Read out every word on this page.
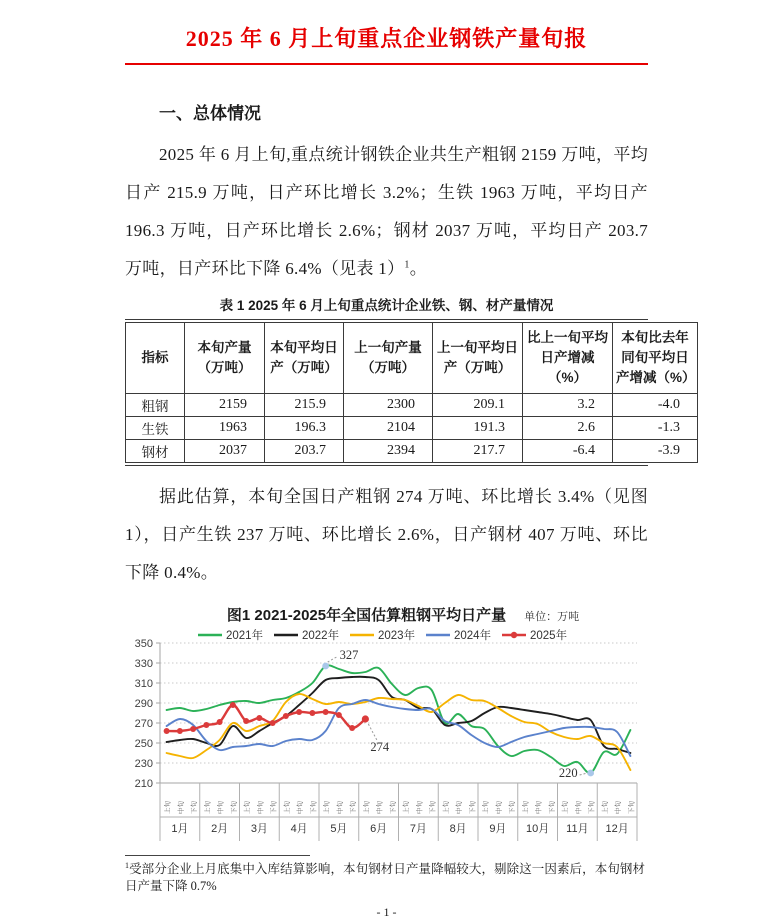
2025 年 6 月上旬重点企业钢铁产量旬报
一、总体情况
2025 年 6 月上旬,重点统计钢铁企业共生产粗钢 2159 万吨，平均日产 215.9 万吨，日产环比增长 3.2%；生铁 1963 万吨，平均日产 196.3 万吨，日产环比增长 2.6%；钢材 2037 万吨，平均日产 203.7 万吨，日产环比下降 6.4%（见表 1）$^1$。
表 1 2025 年 6 月上旬重点统计企业铁、钢、材产量情况
指标	本旬产量（万吨）	本旬平均日产（万吨）	上一旬产量（万吨）	上一旬平均日产（万吨）	比上一旬平均日产增减（%）	本旬比去年同旬平均日产增减（%）
粗钢	2159	215.9	2300	209.1	3.2	-4.0
生铁	1963	196.3	2104	191.3	2.6	-1.3
钢材	2037	203.7	2394	217.7	-6.4	-3.9
据此估算，本旬全国日产粗钢 274 万吨、环比增长 3.4%（见图 1），日产生铁 237 万吨、环比增长 2.6%，日产钢材 407 万吨、环比下降 0.4%。
图1 2021-2025年全国估算粗钢平均日产量 单位：万吨
210
230
250
270
290
310
330
350
1月 2月 3月 4月 5月 6月 7月 8月 9月 10月 11月 12月
上旬 中旬 下旬 上旬 中旬 下旬 上旬 中旬 下旬 上旬 中旬 下旬 上旬 中旬 下旬 上旬 中旬 下旬 上旬 中旬 下旬 上旬 中旬 下旬 上旬 中旬 下旬 上旬 中旬 下旬 上旬 中旬 下旬 上旬 中旬 下旬
327
220
274
2021年	2022年	2023年	2024年	2025年
$^1$受部分企业上月底集中入库结算影响，本旬钢材日产量降幅较大，剔除这一因素后，本旬钢材日产量下降 0.7%
- 1 -
